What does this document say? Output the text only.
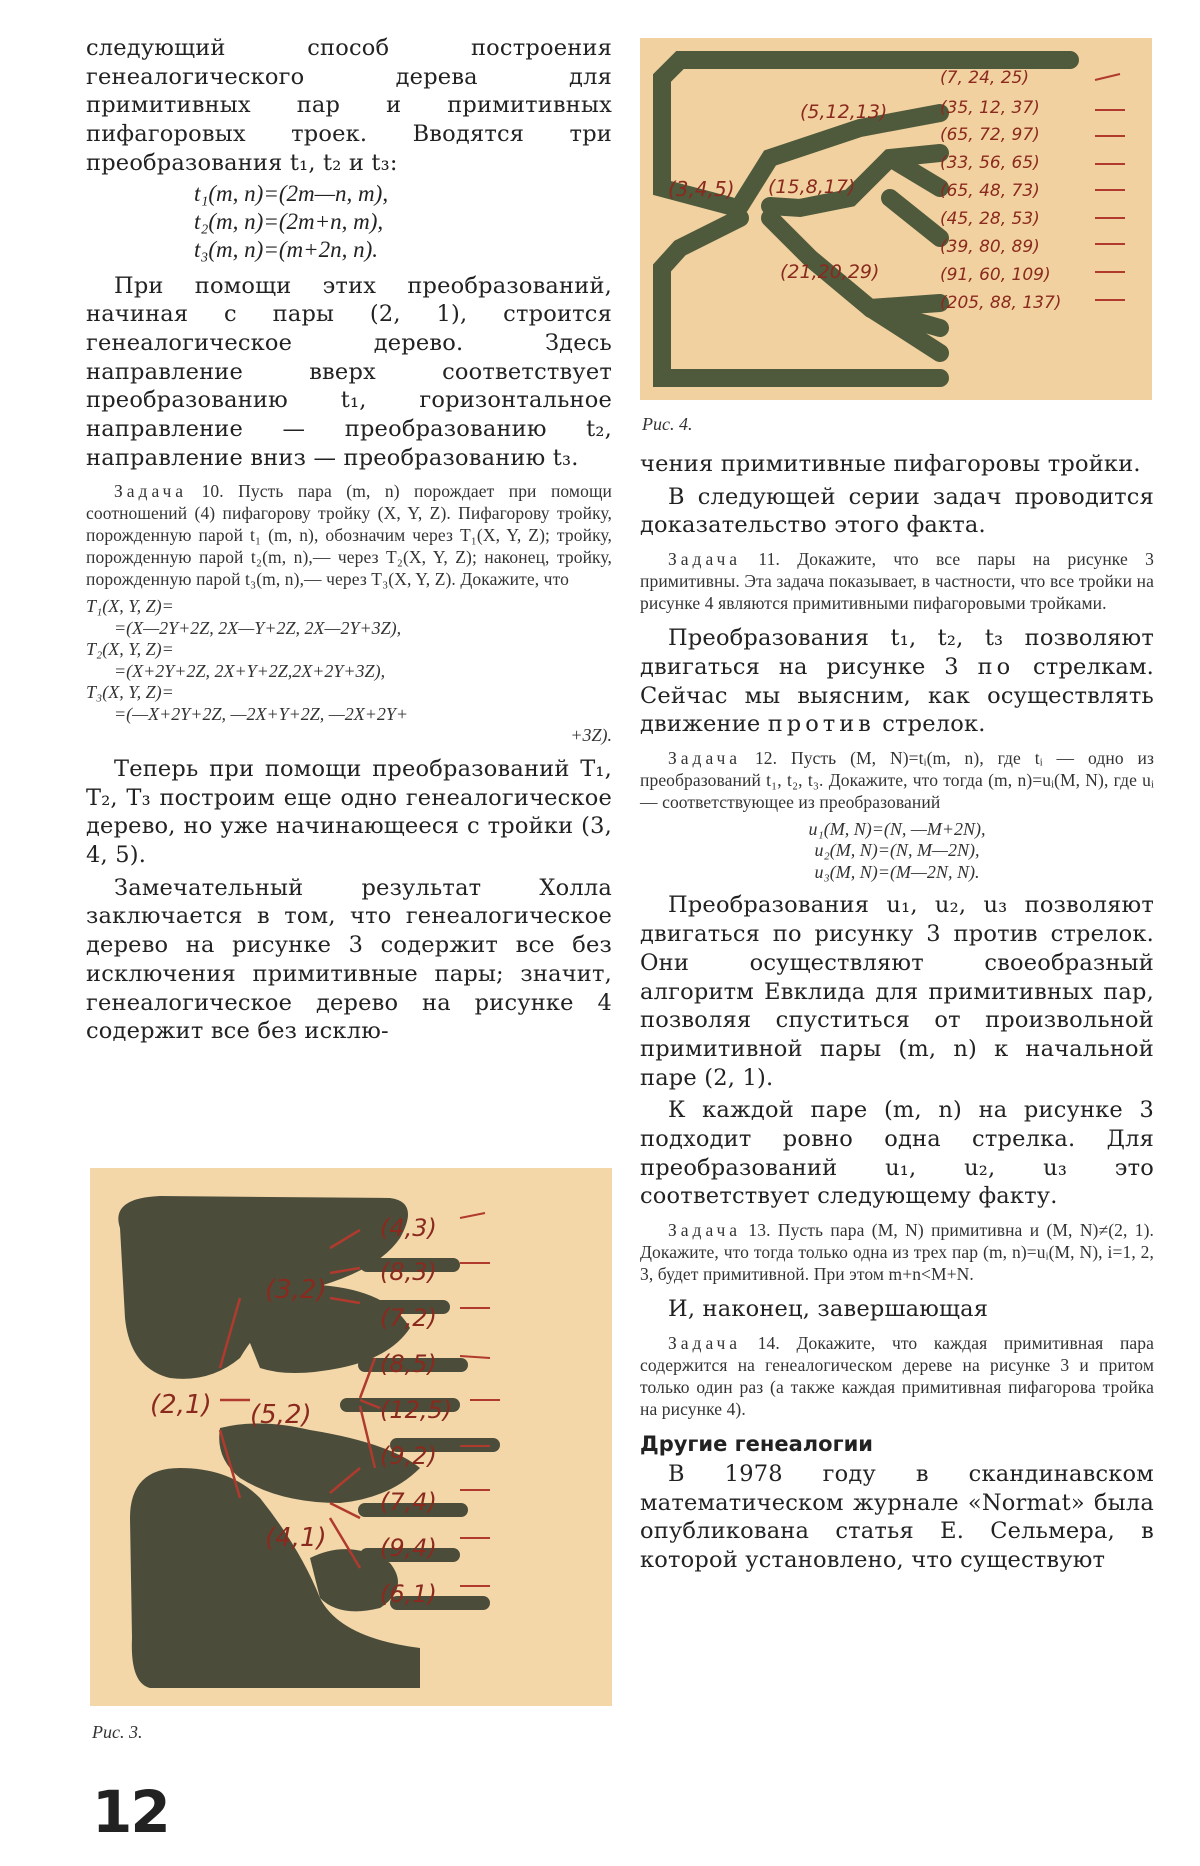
следующий способ построения генеалогического дерева для примитивных пар и примитивных пифагоровых троек. Вводятся три преобразования t₁, t₂ и t₃:

t₁(m, n)=(2m—n, m),

t₂(m, n)=(2m+n, m),

t₃(m, n)=(m+2n, n).

При помощи этих преобразований, начиная с пары (2, 1), строится генеалогическое дерево. Здесь направление вверх соответствует преобразованию t₁, горизонтальное направление — преобразованию t₂, направление вниз — преобразованию t₃.

Задача 10. Пусть пара (m, n) порождает при помощи соотношений (4) пифагорову тройку (X, Y, Z). Пифагорову тройку, порожденную парой t₁ (m, n), обозначим через T₁(X, Y, Z); тройку, порожденную парой t₂(m, n),— через T₂(X, Y, Z); наконец, тройку, порожденную парой t₃(m, n),— через T₃(X, Y, Z). Докажите, что

T₁(X, Y, Z)=

=(X—2Y+2Z, 2X—Y+2Z, 2X—2Y+3Z),

T₂(X, Y, Z)=

=(X+2Y+2Z, 2X+Y+2Z,2X+2Y+3Z),

T₃(X, Y, Z)=

=(—X+2Y+2Z, —2X+Y+2Z, —2X+2Y+

+3Z).

Теперь при помощи преобразований T₁, T₂, T₃ построим еще одно генеалогическое дерево, но уже начинающееся с тройки (3, 4, 5).

Замечательный результат Холла заключается в том, что генеалогическое дерево на рисунке 3 содержит все без исключения примитивные пары; значит, генеалогическое дерево на рисунке 4 содержит все без исклю-

(2,1)
(3,2)
(5,2)
(4,1)
(4,3)
(8,3)
(7,2)
(8,5)
(12,5)
(9,2)
(7,4)
(9,4)
(6,1)
Рис. 3.
(3,4,5)
(5,12,13)
(15,8,17)
(21,20,29)
(7, 24, 25)
(35, 12, 37)
(65, 72, 97)
(33, 56, 65)
(65, 48, 73)
(45, 28, 53)
(39, 80, 89)
(91, 60, 109)
(205, 88, 137)
Рис. 4.

чения примитивные пифагоровы тройки.

В следующей серии задач проводится доказательство этого факта.

Задача 11. Докажите, что все пары на рисунке 3 примитивны. Эта задача показывает, в частности, что все тройки на рисунке 4 являются примитивными пифагоровыми тройками.

Преобразования t₁, t₂, t₃ позволяют двигаться на рисунке 3 по стрелкам. Сейчас мы выясним, как осуществлять движение против стрелок.

Задача 12. Пусть (M, N)=tᵢ(m, n), где tᵢ — одно из преобразований t₁, t₂, t₃. Докажите, что тогда (m, n)=uᵢ(M, N), где uᵢ — соответствующее из преобразований

u₁(M, N)=(N, —M+2N),

u₂(M, N)=(N, M—2N),

u₃(M, N)=(M—2N, N).

Преобразования u₁, u₂, u₃ позволяют двигаться по рисунку 3 против стрелок. Они осуществляют своеобразный алгоритм Евклида для примитивных пар, позволяя спуститься от произвольной примитивной пары (m, n) к начальной паре (2, 1).

К каждой паре (m, n) на рисунке 3 подходит ровно одна стрелка. Для преобразований u₁, u₂, u₃ это соответствует следующему факту.

Задача 13. Пусть пара (M, N) примитивна и (M, N)≠(2, 1). Докажите, что тогда только одна из трех пар (m, n)=uᵢ(M, N), i=1, 2, 3, будет примитивной. При этом m+n<M+N.

И, наконец, завершающая

Задача 14. Докажите, что каждая примитивная пара содержится на генеалогическом дереве на рисунке 3 и притом только один раз (а также каждая примитивная пифагорова тройка на рисунке 4).

Другие генеалогии

В 1978 году в скандинавском математическом журнале «Normat» была опубликована статья Е. Сельмера, в которой установлено, что существуют

12
